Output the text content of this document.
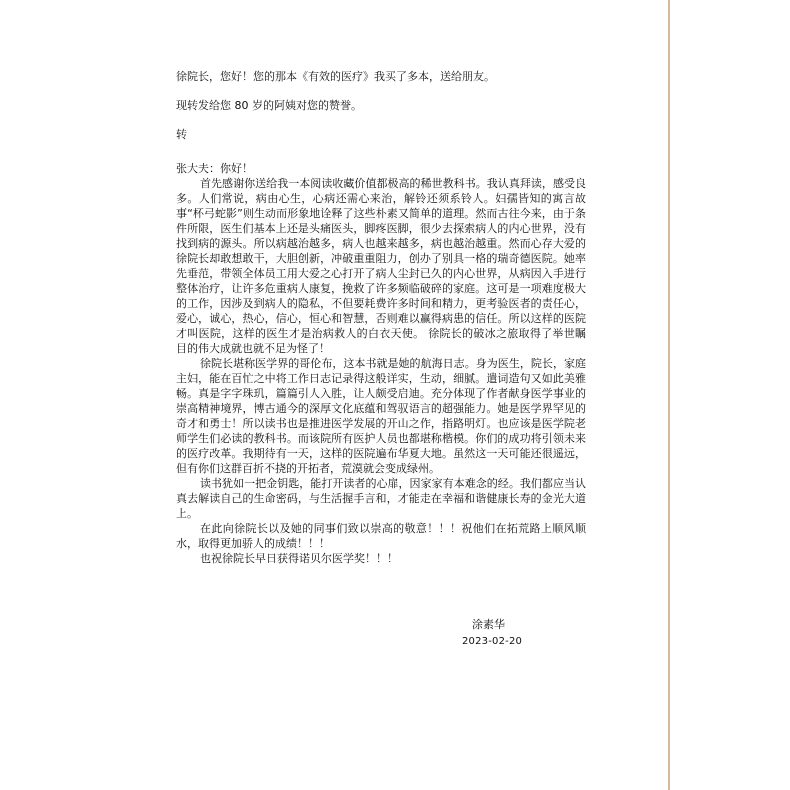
徐院长，您好！您的那本《有效的医疗》我买了多本，送给朋友。

现转发给您 80 岁的阿姨对您的赞誉。

转

张大夫：你好！

首先感谢你送给我一本阅读收藏价值都极高的稀世教科书。我认真拜读，感受良多。人们常说，病由心生，心病还需心来治，解铃还须系铃人。妇孺皆知的寓言故事“杯弓蛇影”则生动而形象地诠释了这些朴素又简单的道理。然而古往今来，由于条件所限，医生们基本上还是头痛医头，脚疼医脚，很少去探索病人的内心世界，没有找到病的源头。所以病越治越多，病人也越来越多，病也越治越重。然而心存大爱的徐院长却敢想敢干，大胆创新，冲破重重阻力，创办了别具一格的瑞奇德医院。她率先垂范，带领全体员工用大爱之心打开了病人尘封已久的内心世界，从病因入手进行整体治疗，让许多危重病人康复，挽救了许多频临破碎的家庭。这可是一项难度极大的工作，因涉及到病人的隐私，不但要耗费许多时间和精力，更考验医者的责任心，爱心，诚心，热心，信心，恒心和智慧，否则难以赢得病患的信任。所以这样的医院才叫医院，这样的医生才是治病救人的白衣天使。 徐院长的破冰之旅取得了举世瞩目的伟大成就也就不足为怪了！

徐院长堪称医学界的哥伦布，这本书就是她的航海日志。身为医生，院长，家庭主妇，能在百忙之中将工作日志记录得这般详实，生动，细腻。遣词造句又如此美雅畅。真是字字珠玑，篇篇引人入胜，让人颇受启迪。充分体现了作者献身医学事业的崇高精神境界，博古通今的深厚文化底蕴和驾驭语言的超强能力。她是医学界罕见的奇才和勇士！所以读书也是推进医学发展的开山之作，指路明灯。也应该是医学院老师学生们必读的教科书。而该院所有医护人员也都堪称楷模。你们的成功将引领未来的医疗改革。我期待有一天，这样的医院遍布华夏大地。虽然这一天可能还很遥远，但有你们这群百折不挠的开拓者，荒漠就会变成绿州。

读书犹如一把金钥匙，能打开读者的心扉，因家家有本难念的经。我们都应当认真去解读自己的生命密码，与生活握手言和，才能走在幸福和谐健康长寿的金光大道上。

在此向徐院长以及她的同事们致以崇高的敬意！！！祝他们在拓荒路上顺风顺水，取得更加骄人的成绩！！！

也祝徐院长早日获得诺贝尔医学奖！！！

涂素华
2023-02-20
